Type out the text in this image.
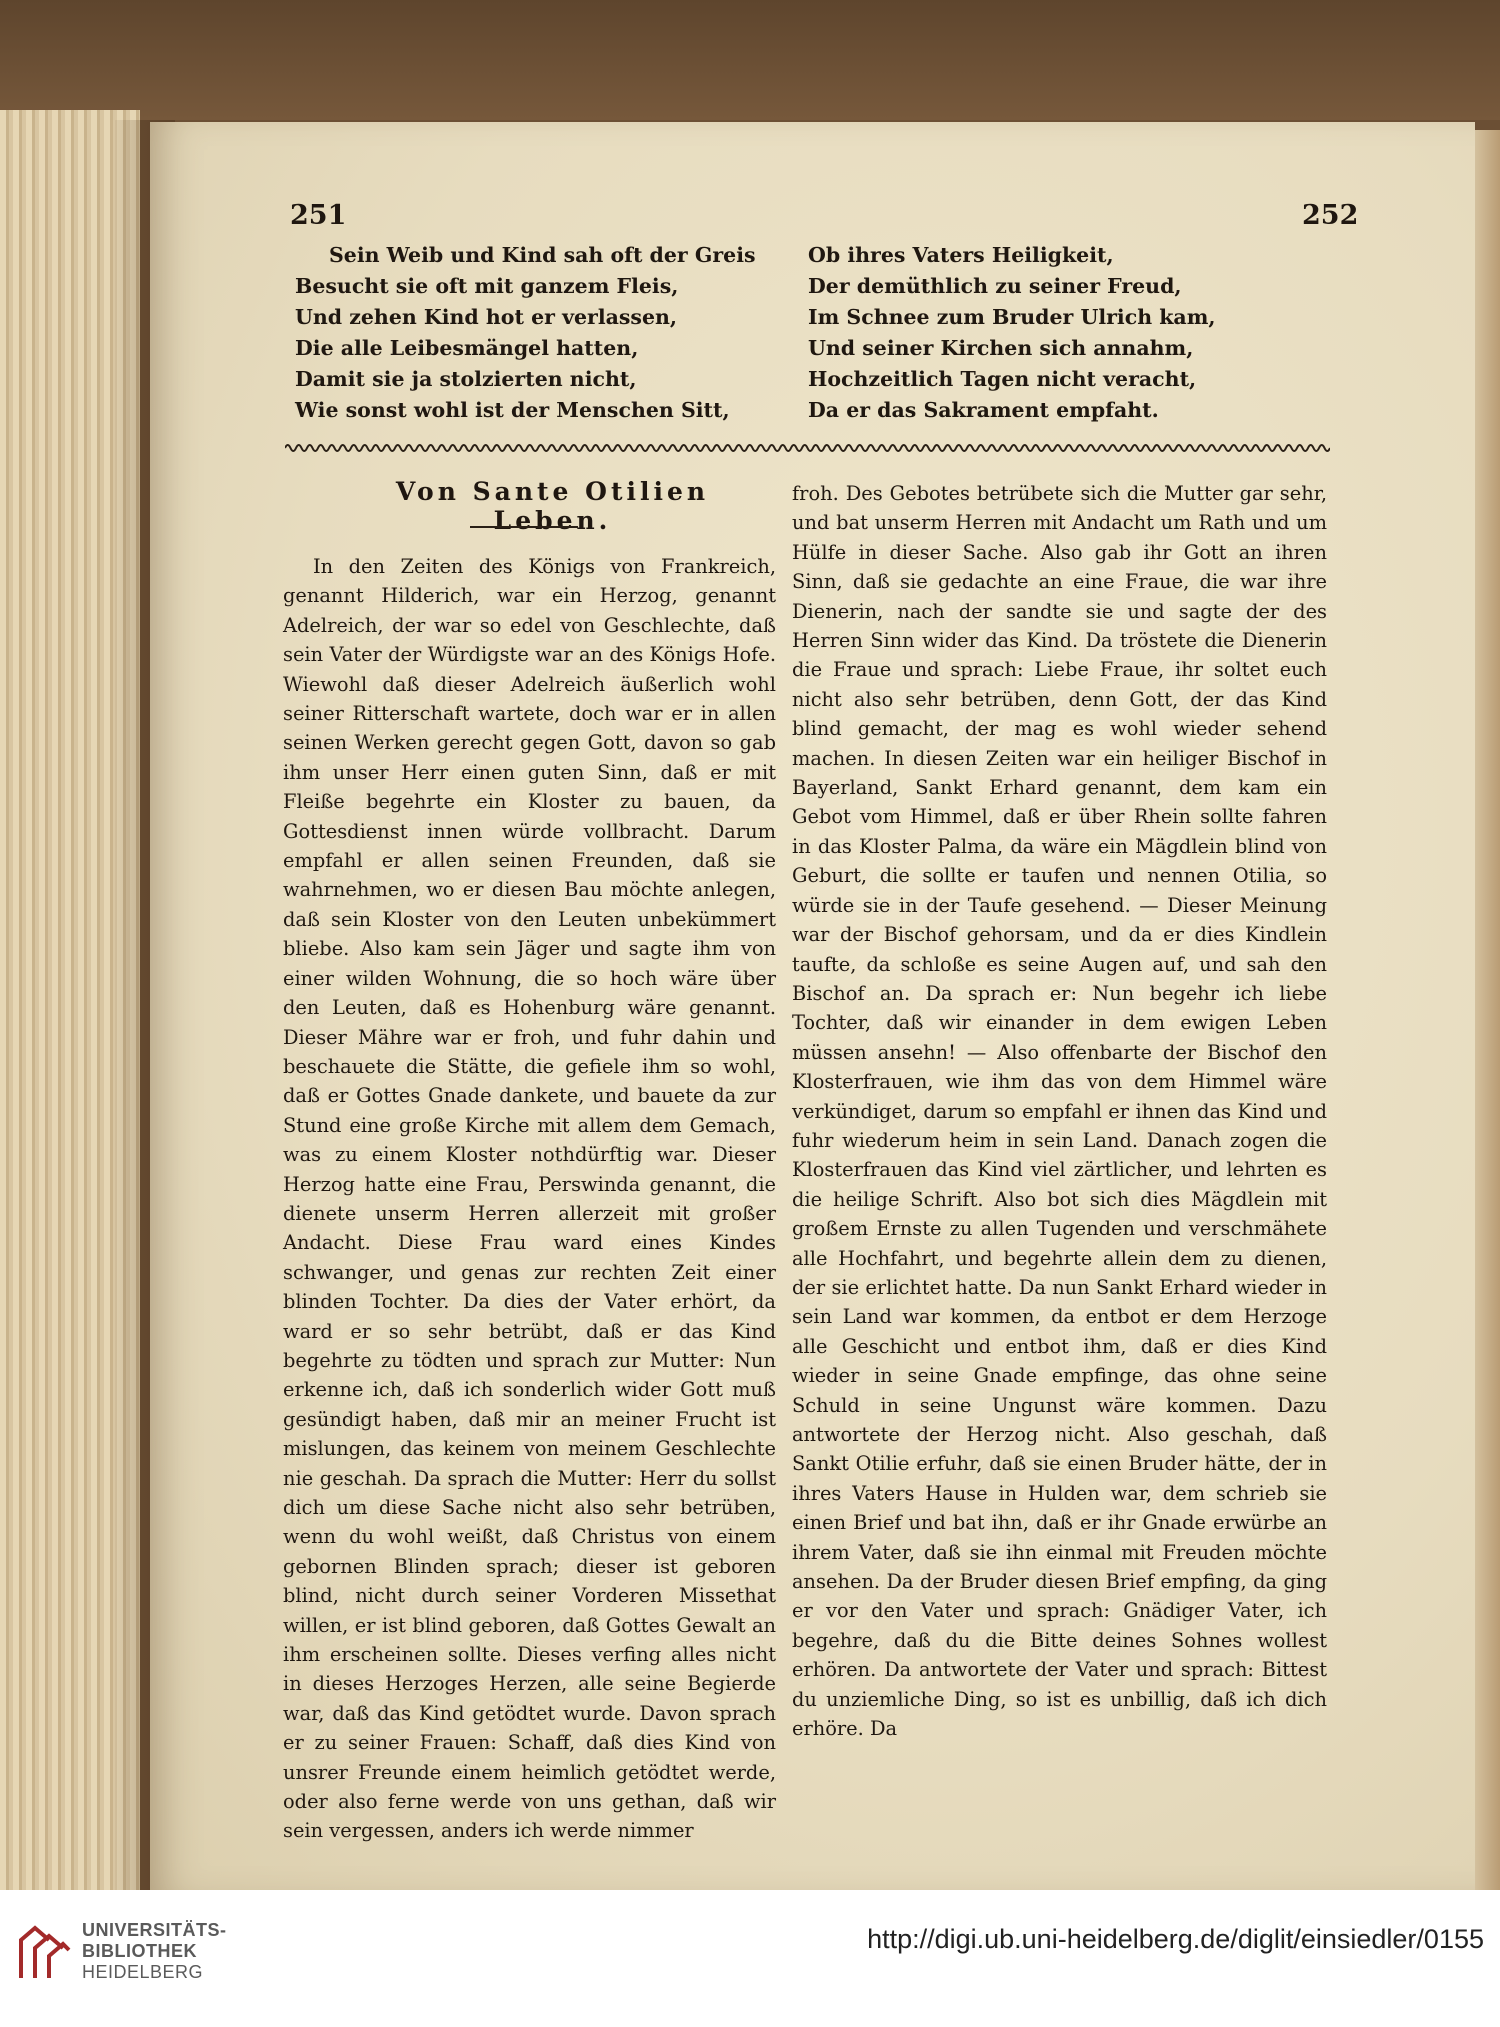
251	252
Sein Weib und Kind sah oft der Greis
Besucht sie oft mit ganzem Fleis,
Und zehen Kind hot er verlassen,
Die alle Leibesmängel hatten,
Damit sie ja stolzierten nicht,
Wie sonst wohl ist der Menschen Sitt,
Ob ihres Vaters Heiligkeit,
Der demüthlich zu seiner Freud,
Im Schnee zum Bruder Ulrich kam,
Und seiner Kirchen sich annahm,
Hochzeitlich Tagen nicht veracht,
Da er das Sakrament empfaht.
Von Sante Otilien Leben.

In den Zeiten des Königs von Frankreich, genannt Hilderich, war ein Herzog, genannt Adelreich, der war so edel von Geschlechte, daß sein Vater der Würdigste war an des Königs Hofe. Wiewohl daß dieser Adelreich äußerlich wohl seiner Ritterschaft wartete, doch war er in allen seinen Werken gerecht gegen Gott, davon so gab ihm unser Herr einen guten Sinn, daß er mit Fleiße begehrte ein Kloster zu bauen, da Gottesdienst innen würde vollbracht. Darum empfahl er allen seinen Freunden, daß sie wahrnehmen, wo er diesen Bau möchte anlegen, daß sein Kloster von den Leuten unbekümmert bliebe. Also kam sein Jäger und sagte ihm von einer wilden Wohnung, die so hoch wäre über den Leuten, daß es Hohenburg wäre genannt. Dieser Mähre war er froh, und fuhr dahin und beschauete die Stätte, die gefiele ihm so wohl, daß er Gottes Gnade dankete, und bauete da zur Stund eine große Kirche mit allem dem Gemach, was zu einem Kloster nothdürftig war. Dieser Herzog hatte eine Frau, Perswinda genannt, die dienete unserm Herren allerzeit mit großer Andacht. Diese Frau ward eines Kindes schwanger, und genas zur rechten Zeit einer blinden Tochter. Da dies der Vater erhört, da ward er so sehr betrübt, daß er das Kind begehrte zu tödten und sprach zur Mutter: Nun erkenne ich, daß ich sonderlich wider Gott muß gesündigt haben, daß mir an meiner Frucht ist mislungen, das keinem von meinem Geschlechte nie geschah. Da sprach die Mutter: Herr du sollst dich um diese Sache nicht also sehr betrüben, wenn du wohl weißt, daß Christus von einem gebornen Blinden sprach; dieser ist geboren blind, nicht durch seiner Vorderen Missethat willen, er ist blind geboren, daß Gottes Gewalt an ihm erscheinen sollte. Dieses verfing alles nicht in dieses Herzoges Herzen, alle seine Begierde war, daß das Kind getödtet wurde. Davon sprach er zu seiner Frauen: Schaff, daß dies Kind von unsrer Freunde einem heimlich getödtet werde, oder also ferne werde von uns gethan, daß wir sein vergessen, anders ich werde nimmer

froh. Des Gebotes betrübete sich die Mutter gar sehr, und bat unserm Herren mit Andacht um Rath und um Hülfe in dieser Sache. Also gab ihr Gott an ihren Sinn, daß sie gedachte an eine Fraue, die war ihre Dienerin, nach der sandte sie und sagte der des Herren Sinn wider das Kind. Da tröstete die Dienerin die Fraue und sprach: Liebe Fraue, ihr soltet euch nicht also sehr betrüben, denn Gott, der das Kind blind gemacht, der mag es wohl wieder sehend machen. In diesen Zeiten war ein heiliger Bischof in Bayerland, Sankt Erhard genannt, dem kam ein Gebot vom Himmel, daß er über Rhein sollte fahren in das Kloster Palma, da wäre ein Mägdlein blind von Geburt, die sollte er taufen und nennen Otilia, so würde sie in der Taufe gesehend. — Dieser Meinung war der Bischof gehorsam, und da er dies Kindlein taufte, da schloße es seine Augen auf, und sah den Bischof an. Da sprach er: Nun begehr ich liebe Tochter, daß wir einander in dem ewigen Leben müssen ansehn! — Also offenbarte der Bischof den Klosterfrauen, wie ihm das von dem Himmel wäre verkündiget, darum so empfahl er ihnen das Kind und fuhr wiederum heim in sein Land. Danach zogen die Klosterfrauen das Kind viel zärtlicher, und lehrten es die heilige Schrift. Also bot sich dies Mägdlein mit großem Ernste zu allen Tugenden und verschmähete alle Hochfahrt, und begehrte allein dem zu dienen, der sie erlichtet hatte. Da nun Sankt Erhard wieder in sein Land war kommen, da entbot er dem Herzoge alle Geschicht und entbot ihm, daß er dies Kind wieder in seine Gnade empfinge, das ohne seine Schuld in seine Ungunst wäre kommen. Dazu antwortete der Herzog nicht. Also geschah, daß Sankt Otilie erfuhr, daß sie einen Bruder hätte, der in ihres Vaters Hause in Hulden war, dem schrieb sie einen Brief und bat ihn, daß er ihr Gnade erwürbe an ihrem Vater, daß sie ihn einmal mit Freuden möchte ansehen. Da der Bruder diesen Brief empfing, da ging er vor den Vater und sprach: Gnädiger Vater, ich begehre, daß du die Bitte deines Sohnes wollest erhören. Da antwortete der Vater und sprach: Bittest du unziemliche Ding, so ist es unbillig, daß ich dich erhöre. Da

UNIVERSITÄTS-
BIBLIOTHEK
HEIDELBERG
http://digi.ub.uni-heidelberg.de/diglit/einsiedler/0155
